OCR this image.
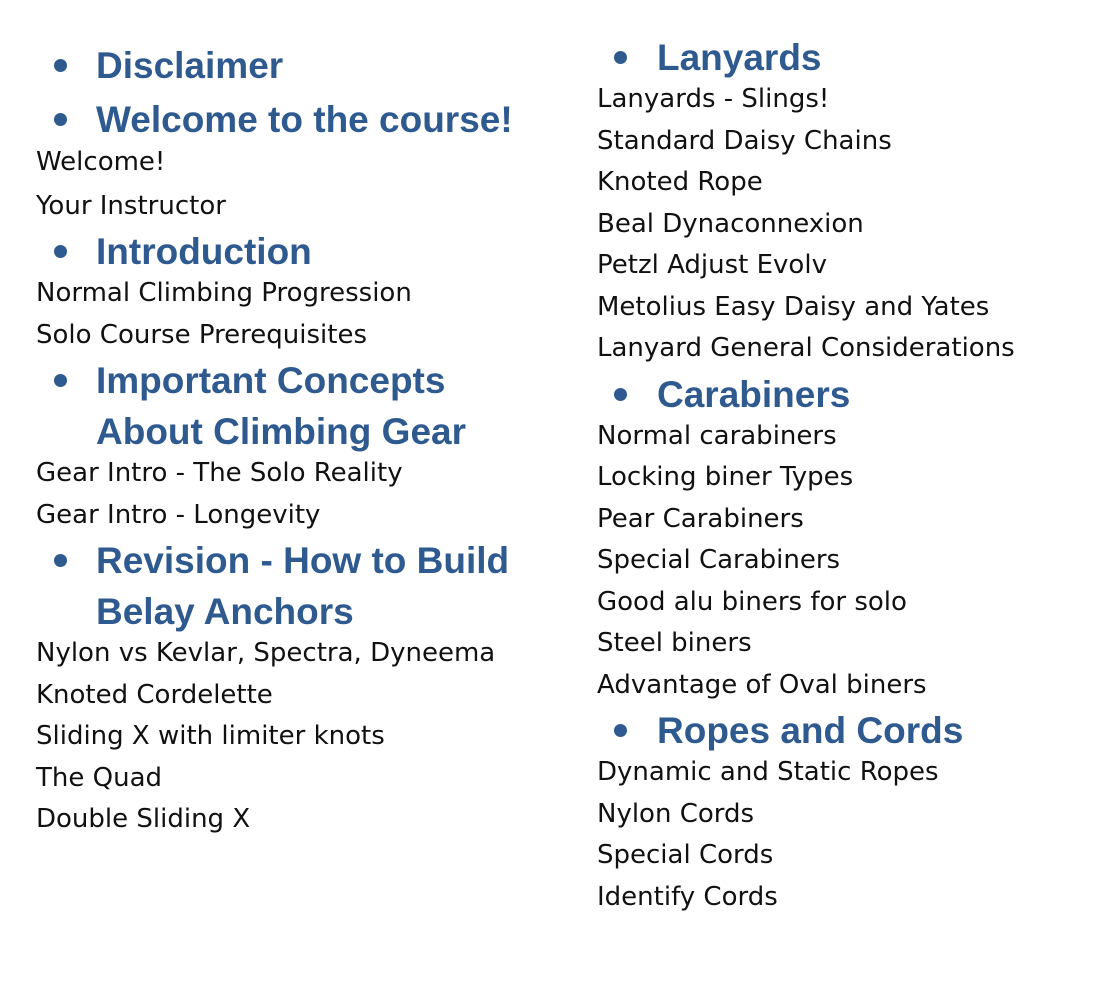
Disclaimer
Welcome to the course!
Welcome!
Your Instructor
Introduction
Normal Climbing Progression
Solo Course Prerequisites
Important Concepts
About Climbing Gear
Gear Intro - The Solo Reality
Gear Intro - Longevity
Revision - How to Build
Belay Anchors
Nylon vs Kevlar, Spectra, Dyneema
Knoted Cordelette
Sliding X with limiter knots
The Quad
Double Sliding X
Lanyards
Lanyards - Slings!
Standard Daisy Chains
Knoted Rope
Beal Dynaconnexion
Petzl Adjust Evolv
Metolius Easy Daisy and Yates
Lanyard General Considerations
Carabiners
Normal carabiners
Locking biner Types
Pear Carabiners
Special Carabiners
Good alu biners for solo
Steel biners
Advantage of Oval biners
Ropes and Cords
Dynamic and Static Ropes
Nylon Cords
Special Cords
Identify Cords
